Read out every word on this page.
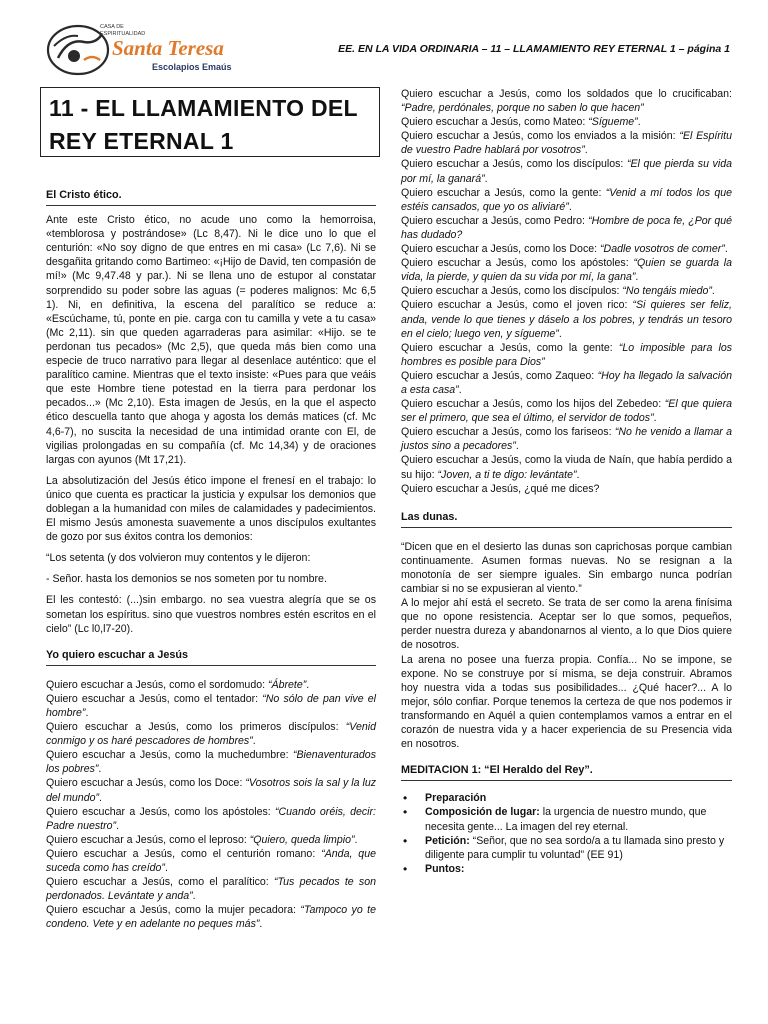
CASA DE ESPIRITUALIDAD
Santa Teresa
Escolapios Emaús
EE. EN LA VIDA ORDINARIA – 11 – LLAMAMIENTO REY ETERNAL 1 – página 1
11 - EL LLAMAMIENTO DEL
REY ETERNAL 1
El Cristo ético.

Ante este Cristo ético, no acude uno como la hemorroisa, «temblorosa y postrándose» (Lc 8,47). Ni le dice uno lo que el centurión: «No soy digno de que entres en mi casa» (Lc 7,6). Ni se desgañita gritando como Bartimeo: «¡Hijo de David, ten compasión de mí!» (Mc 9,47.48 y par.). Ni se llena uno de estupor al constatar sorprendido su poder sobre las aguas (= poderes malignos: Mc 6,5 1). Ni, en definitiva, la escena del paralítico se reduce a: «Escúchame, tú, ponte en pie. carga con tu camilla y vete a tu casa» (Mc 2,11). sin que queden agarraderas para asimilar: «Hijo. se te perdonan tus pecados» (Mc 2,5), que queda más bien como una especie de truco narrativo para llegar al desenlace auténtico: que el paralítico camine. Mientras que el texto insiste: «Pues para que veáis que este Hombre tiene potestad en la tierra para perdonar los pecados...» (Mc 2,10). Esta imagen de Jesús, en la que el aspecto ético descuella tanto que ahoga y agosta los demás matices (cf. Mc 4,6-7), no suscita la necesidad de una intimidad orante con El, de vigilias prolongadas en su compañía (cf. Mc 14,34) y de oraciones largas con ayunos (Mt 17,21).

La absolutización del Jesús ético impone el frenesí en el trabajo: lo único que cuenta es practicar la justicia y expulsar los demonios que doblegan a la humanidad con miles de calamidades y padecimientos. El mismo Jesús amonesta suavemente a unos discípulos exultantes de gozo por sus éxitos contra los demonios:

“Los setenta (y dos volvieron muy contentos y le dijeron:

- Señor. hasta los demonios se nos someten por tu nombre.

El les contestó: (...)sin embargo. no sea vuestra alegría que se os sometan los espíritus. sino que vuestros nombres estén escritos en el cielo” (Lc l0,l7-20).

Yo quiero escuchar a Jesús

Quiero escuchar a Jesús, como el sordomudo: “Ábrete”.

Quiero escuchar a Jesús, como el tentador: “No sólo de pan vive el hombre”.

Quiero escuchar a Jesús, como los primeros discípulos: “Venid conmigo y os haré pescadores de hombres”.

Quiero escuchar a Jesús, como la muchedumbre: “Bienaventurados los pobres”.

Quiero escuchar a Jesús, como los Doce: “Vosotros sois la sal y la luz del mundo”.

Quiero escuchar a Jesús, como los apóstoles: “Cuando oréis, decir: Padre nuestro”.

Quiero escuchar a Jesús, como el leproso: “Quiero, queda limpio”.

Quiero escuchar a Jesús, como el centurión romano: “Anda, que suceda como has creído”.

Quiero escuchar a Jesús, como el paralítico: “Tus pecados te son perdonados. Levántate y anda”.

Quiero escuchar a Jesús, como la mujer pecadora: “Tampoco yo te condeno. Vete y en adelante no peques más”.

Quiero escuchar a Jesús, como los soldados que lo crucificaban: “Padre, perdónales, porque no saben lo que hacen”

Quiero escuchar a Jesús, como Mateo: “Sígueme”.

Quiero escuchar a Jesús, como los enviados a la misión: “El Espíritu de vuestro Padre hablará por vosotros”.

Quiero escuchar a Jesús, como los discípulos: “El que pierda su vida por mí, la ganará”.

Quiero escuchar a Jesús, como la gente: “Venid a mí todos los que estéis cansados, que yo os aliviaré”.

Quiero escuchar a Jesús, como Pedro: “Hombre de poca fe, ¿Por qué has dudado?

Quiero escuchar a Jesús, como los Doce: “Dadle vosotros de comer”.

Quiero escuchar a Jesús, como los apóstoles: “Quien se guarda la vida, la pierde, y quien da su vida por mí, la gana”.

Quiero escuchar a Jesús, como los discípulos: “No tengáis miedo”.

Quiero escuchar a Jesús, como el joven rico: “Si quieres ser feliz, anda, vende lo que tienes y dáselo a los pobres, y tendrás un tesoro en el cielo; luego ven, y sígueme”.

Quiero escuchar a Jesús, como la gente: “Lo imposible para los hombres es posible para Dios”

Quiero escuchar a Jesús, como Zaqueo: “Hoy ha llegado la salvación a esta casa”.

Quiero escuchar a Jesús, como los hijos del Zebedeo: “El que quiera ser el primero, que sea el último, el servidor de todos”.

Quiero escuchar a Jesús, como los fariseos: “No he venido a llamar a justos sino a pecadores”.

Quiero escuchar a Jesús, como la viuda de Naín, que había perdido a su hijo: “Joven, a ti te digo: levántate”.

Quiero escuchar a Jesús, ¿qué me dices?

Las dunas.

“Dicen que en el desierto las dunas son caprichosas porque cambian continuamente. Asumen formas nuevas. No se resignan a la monotonía de ser siempre iguales. Sin embargo nunca podrían cambiar si no se expusieran al viento.”

A lo mejor ahí está el secreto. Se trata de ser como la arena finísima que no opone resistencia. Aceptar ser lo que somos, pequeños, perder nuestra dureza y abandonarnos al viento, a lo que Dios quiere de nosotros.

La arena no posee una fuerza propia. Confía... No se impone, se expone. No se construye por sí misma, se deja construir. Abramos hoy nuestra vida a todas sus posibilidades... ¿Qué hacer?... A lo mejor, sólo confiar. Porque tenemos la certeza de que nos podemos ir transformando en Aquél a quien contemplamos vamos a entrar en el corazón de nuestra vida y a hacer experiencia de su Presencia vida en nosotros.

MEDITACION 1: “El Heraldo del Rey”.
• Preparación
• Composición de lugar: la urgencia de nuestro mundo, que necesita gente... La imagen del rey eternal.
• Petición: “Señor, que no sea sordo/a a tu llamada sino presto y diligente para cumplir tu voluntad” (EE 91)
• Puntos:
